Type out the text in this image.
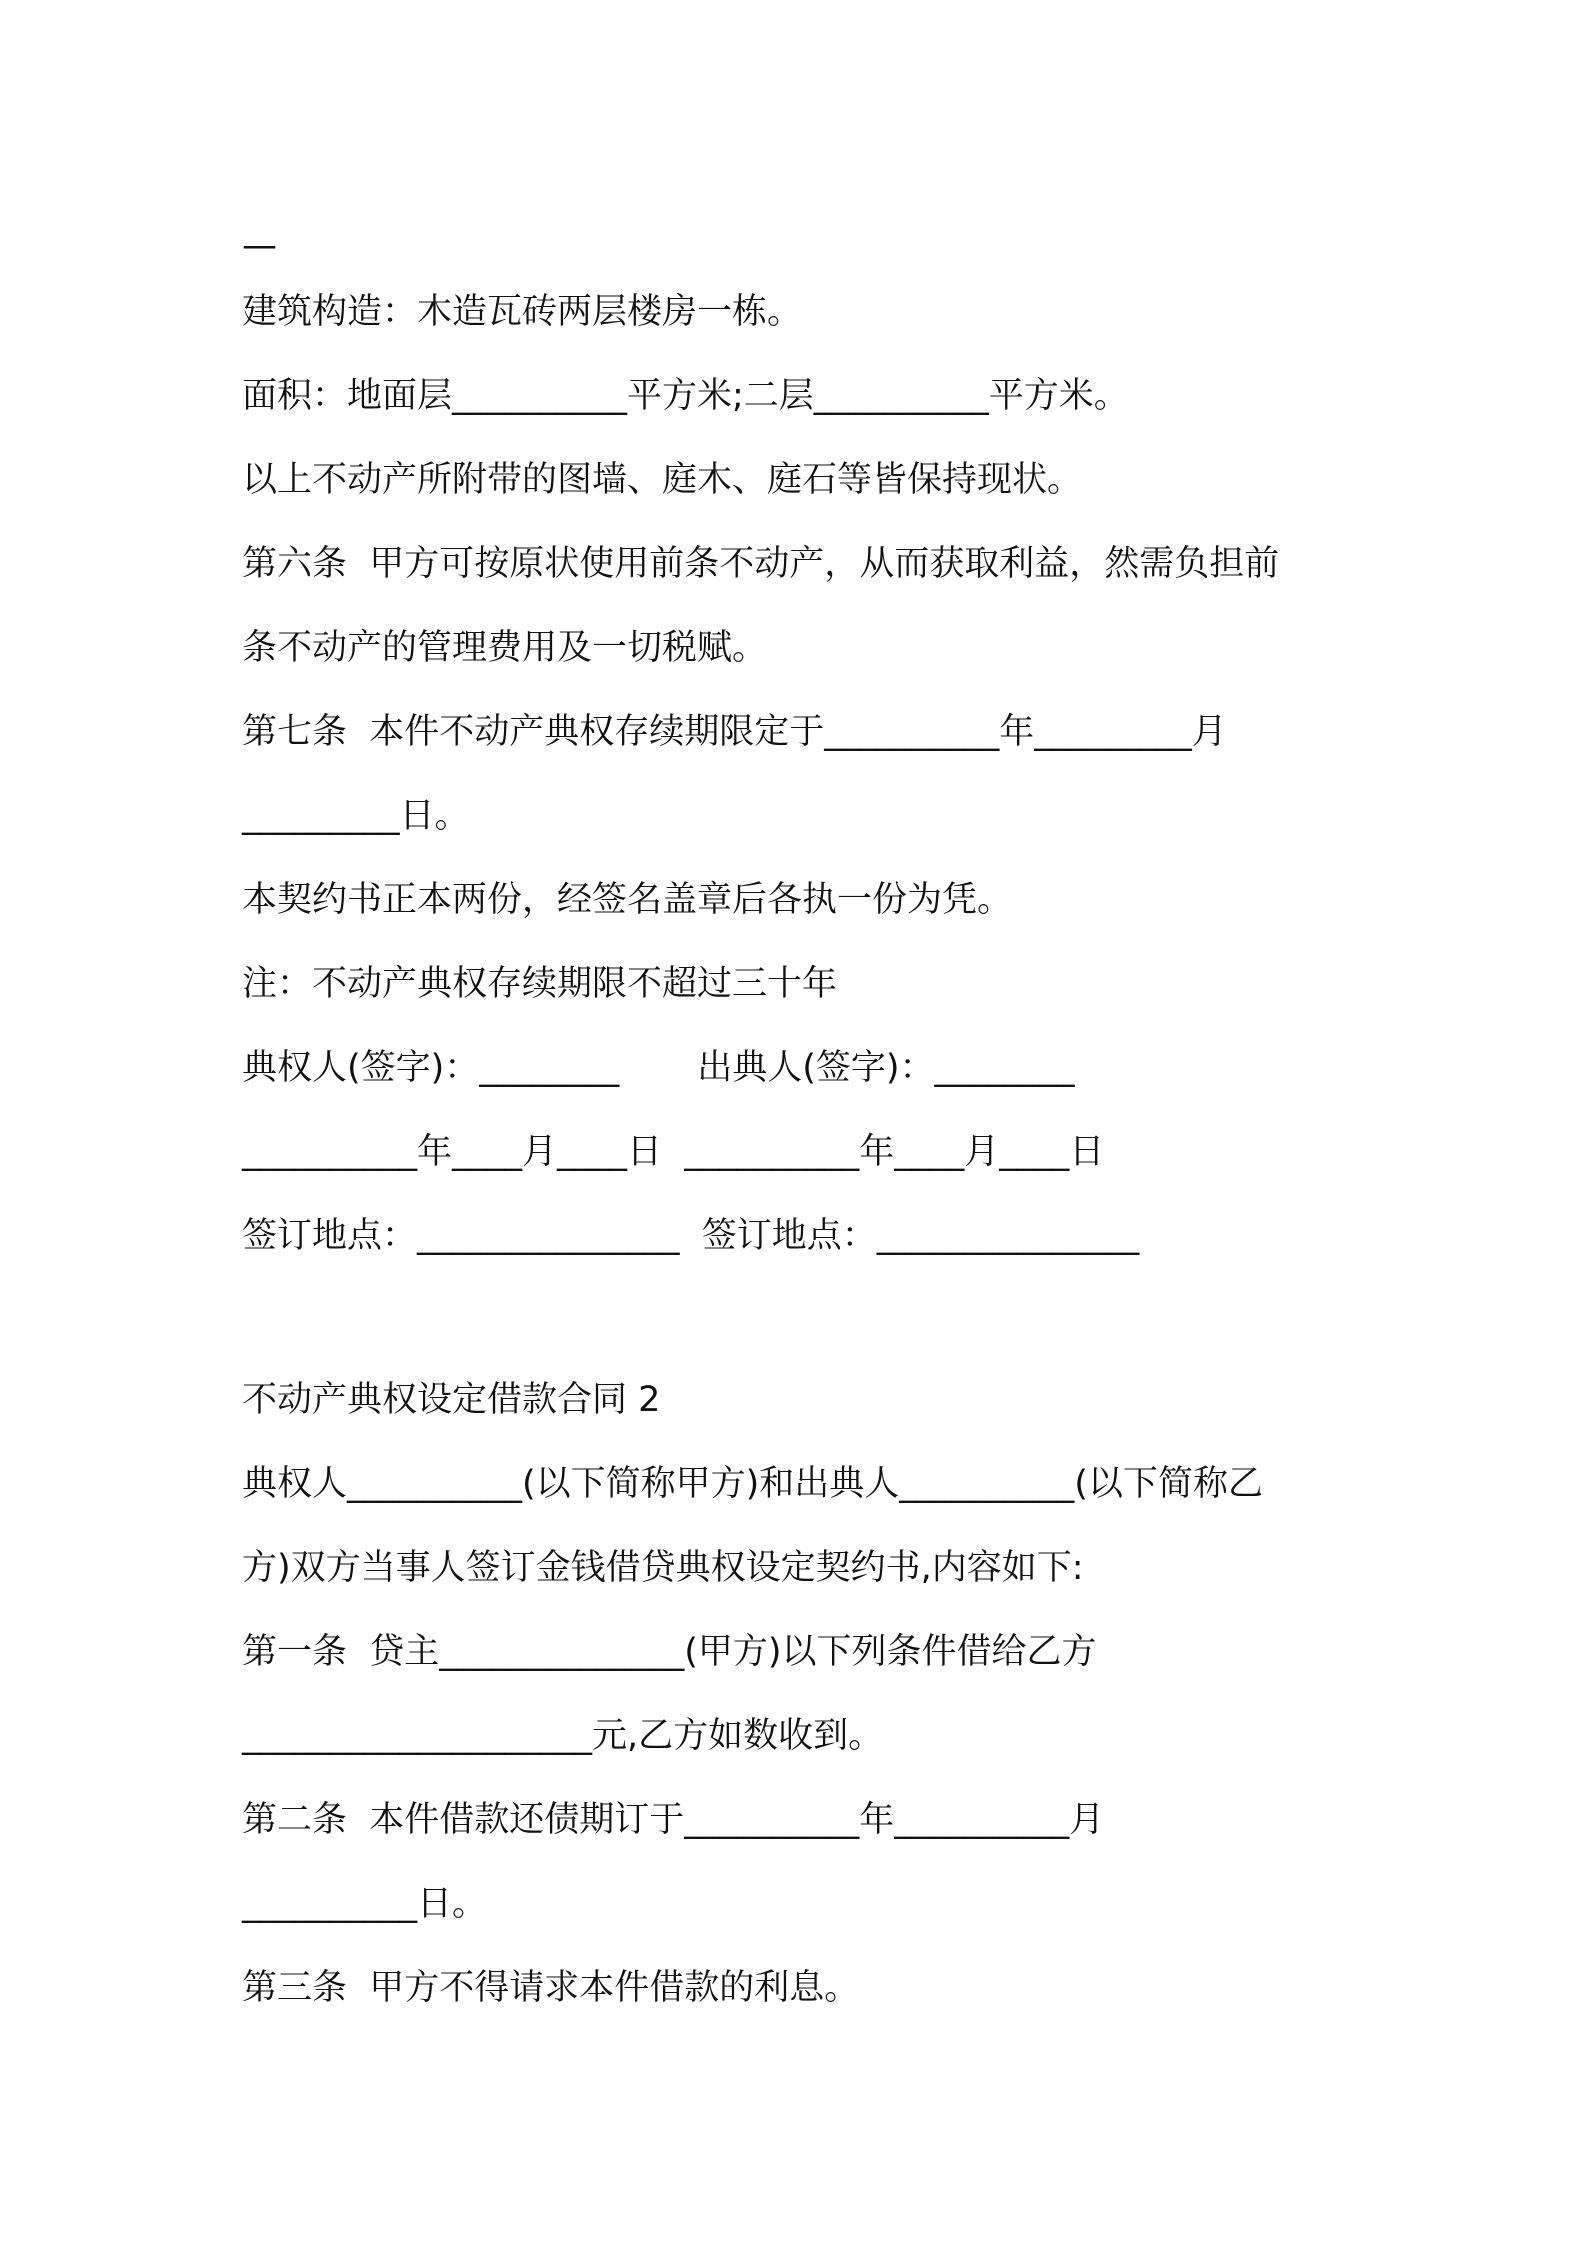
—

建筑构造：木造瓦砖两层楼房一栋。

面积：地面层__________平方米;二层__________平方米。

以上不动产所附带的图墙、庭木、庭石等皆保持现状。

第六条  甲方可按原状使用前条不动产，从而获取利益，然需负担前

条不动产的管理费用及一切税赋。

第七条  本件不动产典权存续期限定于__________年_________月

_________日。

本契约书正本两份，经签名盖章后各执一份为凭。

注：不动产典权存续期限不超过三十年

典权人(签字)：________       出典人(签字)：________

__________年____月____日  __________年____月____日

签订地点：_______________  签订地点：_______________

不动产典权设定借款合同 2

典权人__________(以下简称甲方)和出典人__________(以下简称乙

方)双方当事人签订金钱借贷典权设定契约书,内容如下:

第一条  贷主______________(甲方)以下列条件借给乙方

____________________元,乙方如数收到。

第二条  本件借款还债期订于__________年__________月

__________日。

第三条  甲方不得请求本件借款的利息。
